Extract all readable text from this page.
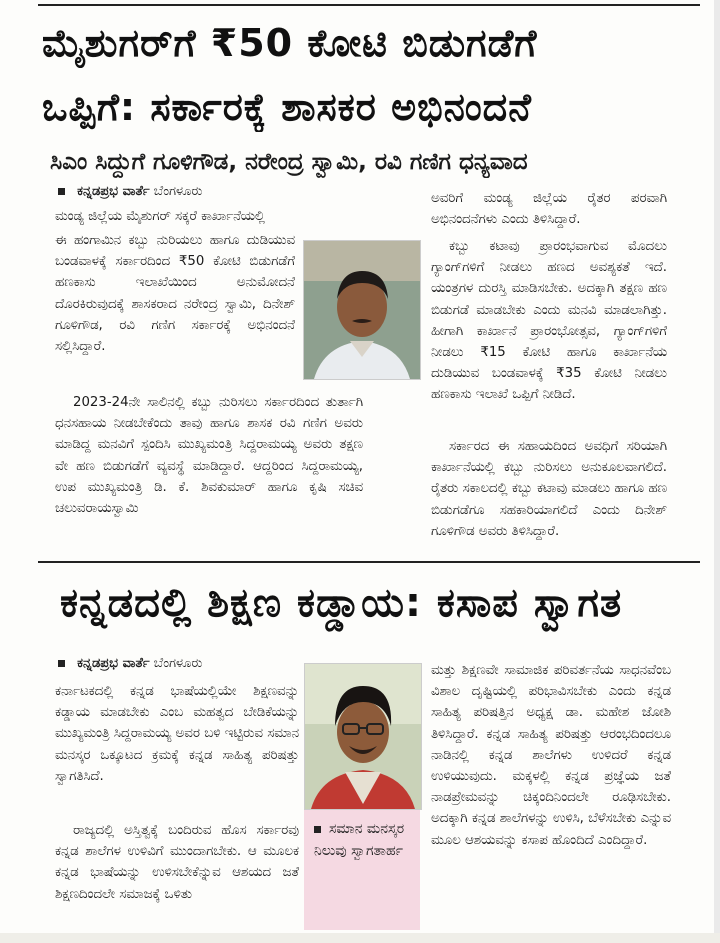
ಮೈಶುಗರ್‌ಗೆ ₹50 ಕೋಟಿ ಬಿಡುಗಡೆಗೆ
ಒಪ್ಪಿಗೆ: ಸರ್ಕಾರಕ್ಕೆ ಶಾಸಕರ ಅಭಿನಂದನೆ
ಸಿಎಂ ಸಿದ್ದುಗೆ ಗೂಳಿಗೌಡ, ನರೇಂದ್ರ ಸ್ವಾಮಿ, ರವಿ ಗಣಿಗ ಧನ್ಯವಾದ
ಕನ್ನಡಪ್ರಭ ವಾರ್ತೆ ಬೆಂಗಳೂರು

ಮಂಡ್ಯ ಜಿಲ್ಲೆಯ ಮೈಶುಗರ್ ಸಕ್ಕರೆ ಕಾರ್ಖಾನೆಯಲ್ಲಿ

ಈ ಹಂಗಾಮಿನ ಕಬ್ಬು ನುರಿಯಲು ಹಾಗೂ ದುಡಿಯುವ ಬಂಡವಾಳಕ್ಕೆ ಸರ್ಕಾರದಿಂದ ₹50 ಕೋಟಿ ಬಿಡುಗಡೆಗೆ ಹಣಕಾಸು ಇಲಾಖೆಯಿಂದ ಅನುಮೋದನೆ ದೊರಕಿರುವುದಕ್ಕೆ ಶಾಸಕರಾದ ನರೇಂದ್ರ ಸ್ವಾಮಿ, ದಿನೇಶ್ ಗೂಳಿಗೌಡ, ರವಿ ಗಣಿಗ ಸರ್ಕಾರಕ್ಕೆ ಅಭಿನಂದನೆ ಸಲ್ಲಿಸಿದ್ದಾರೆ.

2023-24ನೇ ಸಾಲಿನಲ್ಲಿ ಕಬ್ಬು ನುರಿಸಲು ಸರ್ಕಾರದಿಂದ ತುರ್ತಾಗಿ ಧನಸಹಾಯ ನೀಡಬೇಕೆಂದು ತಾವು ಹಾಗೂ ಶಾಸಕ ರವಿ ಗಣಿಗ ಅವರು ಮಾಡಿದ್ದ ಮನವಿಗೆ ಸ್ಪಂದಿಸಿ ಮುಖ್ಯಮಂತ್ರಿ ಸಿದ್ದರಾಮಯ್ಯ ಅವರು ತಕ್ಷಣ ವೇ ಹಣ ಬಿಡುಗಡೆಗೆ ವ್ಯವಸ್ಥೆ ಮಾಡಿದ್ದಾರೆ. ಆದ್ದರಿಂದ ಸಿದ್ದರಾಮಯ್ಯ, ಉಪ ಮುಖ್ಯಮಂತ್ರಿ ಡಿ. ಕೆ. ಶಿವಕುಮಾರ್ ಹಾಗೂ ಕೃಷಿ ಸಚಿವ ಚಲುವರಾಯಸ್ವಾಮಿ

ಅವರಿಗೆ ಮಂಡ್ಯ ಜಿಲ್ಲೆಯ ರೈತರ ಪರವಾಗಿ ಅಭಿನಂದನೆಗಳು ಎಂದು ತಿಳಿಸಿದ್ದಾರೆ.

ಕಬ್ಬು ಕಟಾವು ಪ್ರಾರಂಭವಾಗುವ ಮೊದಲು ಗ್ಯಾಂಗ್‌ಗಳಿಗೆ ನೀಡಲು ಹಣದ ಅವಶ್ಯಕತೆ ಇದೆ. ಯಂತ್ರಗಳ ದುರಸ್ತಿ ಮಾಡಿಸಬೇಕು. ಅದಕ್ಕಾಗಿ ತಕ್ಷಣ ಹಣ ಬಿಡುಗಡೆ ಮಾಡಬೇಕು ಎಂದು ಮನವಿ ಮಾಡಲಾಗಿತ್ತು. ಹೀಗಾಗಿ ಕಾರ್ಖಾನೆ ಪ್ರಾರಂಭೋತ್ಸವ, ಗ್ಯಾಂಗ್‌ಗಳಿಗೆ ನೀಡಲು ₹15 ಕೋಟಿ ಹಾಗೂ ಕಾರ್ಖಾನೆಯ ದುಡಿಯುವ ಬಂಡವಾಳಕ್ಕೆ ₹35 ಕೋಟಿ ನೀಡಲು ಹಣಕಾಸು ಇಲಾಖೆ ಒಪ್ಪಿಗೆ ನೀಡಿದೆ.

ಸರ್ಕಾರದ ಈ ಸಹಾಯದಿಂದ ಅವಧಿಗೆ ಸರಿಯಾಗಿ ಕಾರ್ಖಾನೆಯಲ್ಲಿ ಕಬ್ಬು ನುರಿಸಲು ಅನುಕೂಲವಾಗಲಿದೆ. ರೈತರು ಸಕಾಲದಲ್ಲಿ ಕಬ್ಬು ಕಟಾವು ಮಾಡಲು ಹಾಗೂ ಹಣ ಬಿಡುಗಡೆಗೂ ಸಹಕಾರಿಯಾಗಲಿದೆ ಎಂದು ದಿನೇಶ್ ಗೂಳಿಗೌಡ ಅವರು ತಿಳಿಸಿದ್ದಾರೆ.

ಕನ್ನಡದಲ್ಲಿ ಶಿಕ್ಷಣ ಕಡ್ಡಾಯ: ಕಸಾಪ ಸ್ವಾಗತ
ಕನ್ನಡಪ್ರಭ ವಾರ್ತೆ ಬೆಂಗಳೂರು

ಕರ್ನಾಟಕದಲ್ಲಿ ಕನ್ನಡ ಭಾಷೆಯಲ್ಲಿಯೇ ಶಿಕ್ಷಣವನ್ನು ಕಡ್ಡಾಯ ಮಾಡಬೇಕು ಎಂಬ ಮಹತ್ವದ ಬೇಡಿಕೆಯನ್ನು ಮುಖ್ಯಮಂತ್ರಿ ಸಿದ್ದರಾಮಯ್ಯ ಅವರ ಬಳಿ ಇಟ್ಟಿರುವ ಸಮಾನ ಮನಸ್ಕರ ಒಕ್ಕೂಟದ ಕ್ರಮಕ್ಕೆ ಕನ್ನಡ ಸಾಹಿತ್ಯ ಪರಿಷತ್ತು ಸ್ವಾಗತಿಸಿದೆ.

ರಾಜ್ಯದಲ್ಲಿ ಅಸ್ತಿತ್ವಕ್ಕೆ ಬಂದಿರುವ ಹೊಸ ಸರ್ಕಾರವು ಕನ್ನಡ ಶಾಲೆಗಳ ಉಳಿವಿಗೆ ಮುಂದಾಗಬೇಕು. ಆ ಮೂಲಕ ಕನ್ನಡ ಭಾಷೆಯನ್ನು ಉಳಿಸಬೇಕೆನ್ನುವ ಆಶಯದ ಜತೆ ಶಿಕ್ಷಣದಿಂದಲೇ ಸಮಾಜಕ್ಕೆ ಒಳಿತು

ಸಮಾನ ಮನಸ್ಕರ ನಿಲುವು ಸ್ವಾಗತಾರ್ಹ

ಮತ್ತು ಶಿಕ್ಷಣವೇ ಸಾಮಾಜಿಕ ಪರಿವರ್ತನೆಯ ಸಾಧನವೆಂಬ ವಿಶಾಲ ದೃಷ್ಟಿಯಲ್ಲಿ ಪರಿಭಾವಿಸಬೇಕು ಎಂದು ಕನ್ನಡ ಸಾಹಿತ್ಯ ಪರಿಷತ್ತಿನ ಅಧ್ಯಕ್ಷ ಡಾ. ಮಹೇಶ ಜೋಶಿ ತಿಳಿಸಿದ್ದಾರೆ. ಕನ್ನಡ ಸಾಹಿತ್ಯ ಪರಿಷತ್ತು ಆರಂಭದಿಂದಲೂ ನಾಡಿನಲ್ಲಿ ಕನ್ನಡ ಶಾಲೆಗಳು ಉಳಿದರೆ ಕನ್ನಡ ಉಳಿಯುವುದು. ಮಕ್ಕಳಲ್ಲಿ ಕನ್ನಡ ಪ್ರಜ್ಞೆಯ ಜತೆ ನಾಡಪ್ರೇಮವನ್ನು ಚಿಕ್ಕಂದಿನಿಂದಲೇ ರೂಢಿಸಬೇಕು. ಅದಕ್ಕಾಗಿ ಕನ್ನಡ ಶಾಲೆಗಳನ್ನು ಉಳಿಸಿ, ಬೆಳೆಸಬೇಕು ಎನ್ನುವ ಮೂಲ ಆಶಯವನ್ನು ಕಸಾಪ ಹೊಂದಿದೆ ಎಂದಿದ್ದಾರೆ.
